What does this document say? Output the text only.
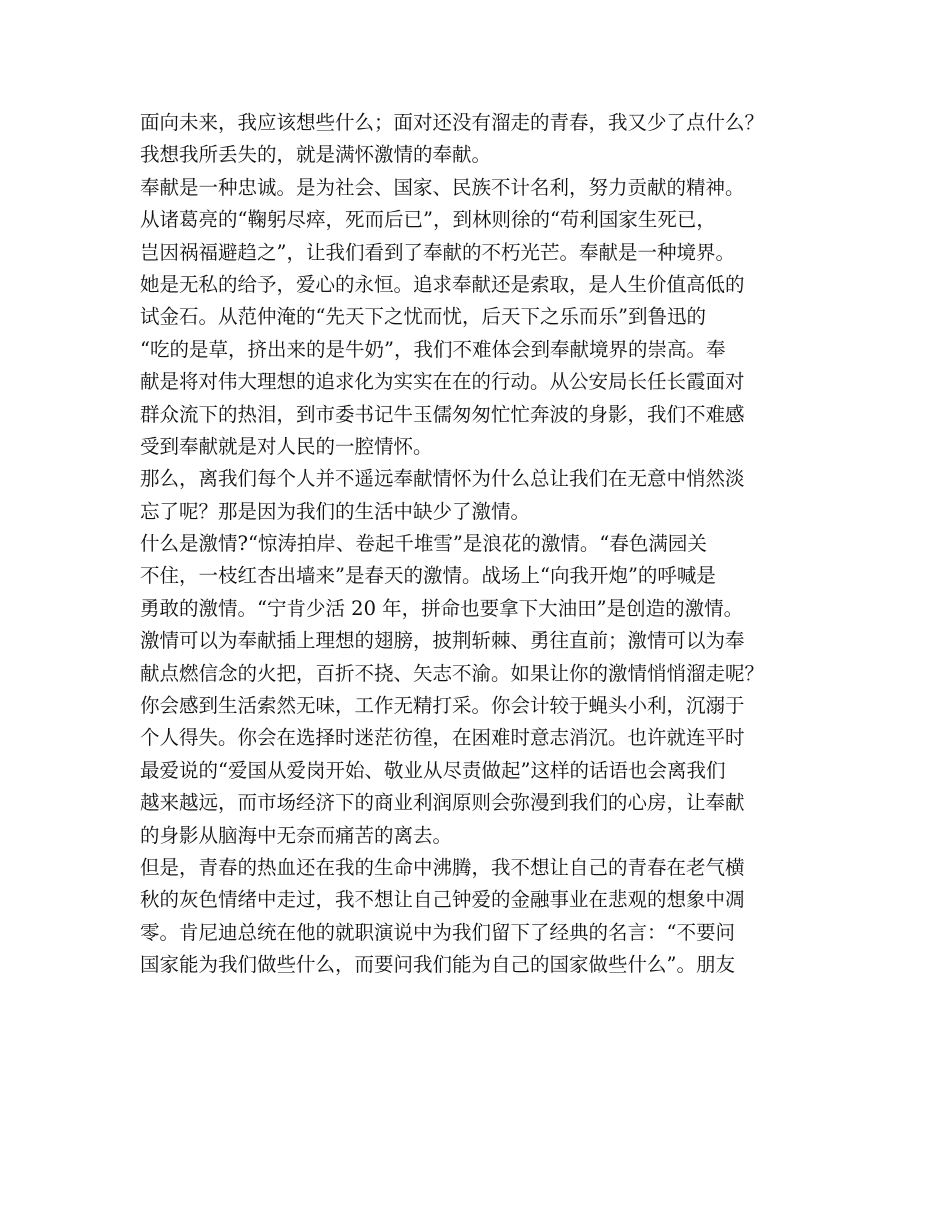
面向未来，我应该想些什么；面对还没有溜走的青春，我又少了点什么？
我想我所丢失的，就是满怀激情的奉献。
奉献是一种忠诚。是为社会、国家、民族不计名利，努力贡献的精神。
从诸葛亮的“鞠躬尽瘁，死而后已”，到林则徐的“苟利国家生死已，
岂因祸福避趋之”，让我们看到了奉献的不朽光芒。奉献是一种境界。
她是无私的给予，爱心的永恒。追求奉献还是索取，是人生价值高低的
试金石。从范仲淹的“先天下之忧而忧，后天下之乐而乐”到鲁迅的
“吃的是草，挤出来的是牛奶”，我们不难体会到奉献境界的崇高。奉
献是将对伟大理想的追求化为实实在在的行动。从公安局长任长霞面对
群众流下的热泪，到市委书记牛玉儒匆匆忙忙奔波的身影，我们不难感
受到奉献就是对人民的一腔情怀。
那么，离我们每个人并不遥远奉献情怀为什么总让我们在无意中悄然淡
忘了呢？那是因为我们的生活中缺少了激情。
什么是激情?“惊涛拍岸、卷起千堆雪”是浪花的激情。“春色满园关
不住，一枝红杏出墙来”是春天的激情。战场上“向我开炮”的呼喊是
勇敢的激情。“宁肯少活 20 年，拼命也要拿下大油田”是创造的激情。
激情可以为奉献插上理想的翅膀，披荆斩棘、勇往直前；激情可以为奉
献点燃信念的火把，百折不挠、矢志不渝。如果让你的激情悄悄溜走呢？
你会感到生活索然无味，工作无精打采。你会计较于蝇头小利，沉溺于
个人得失。你会在选择时迷茫彷徨，在困难时意志消沉。也许就连平时
最爱说的“爱国从爱岗开始、敬业从尽责做起”这样的话语也会离我们
越来越远，而市场经济下的商业利润原则会弥漫到我们的心房，让奉献
的身影从脑海中无奈而痛苦的离去。
但是，青春的热血还在我的生命中沸腾，我不想让自己的青春在老气横
秋的灰色情绪中走过，我不想让自己钟爱的金融事业在悲观的想象中凋
零。肯尼迪总统在他的就职演说中为我们留下了经典的名言：“不要问
国家能为我们做些什么，而要问我们能为自己的国家做些什么”。朋友
